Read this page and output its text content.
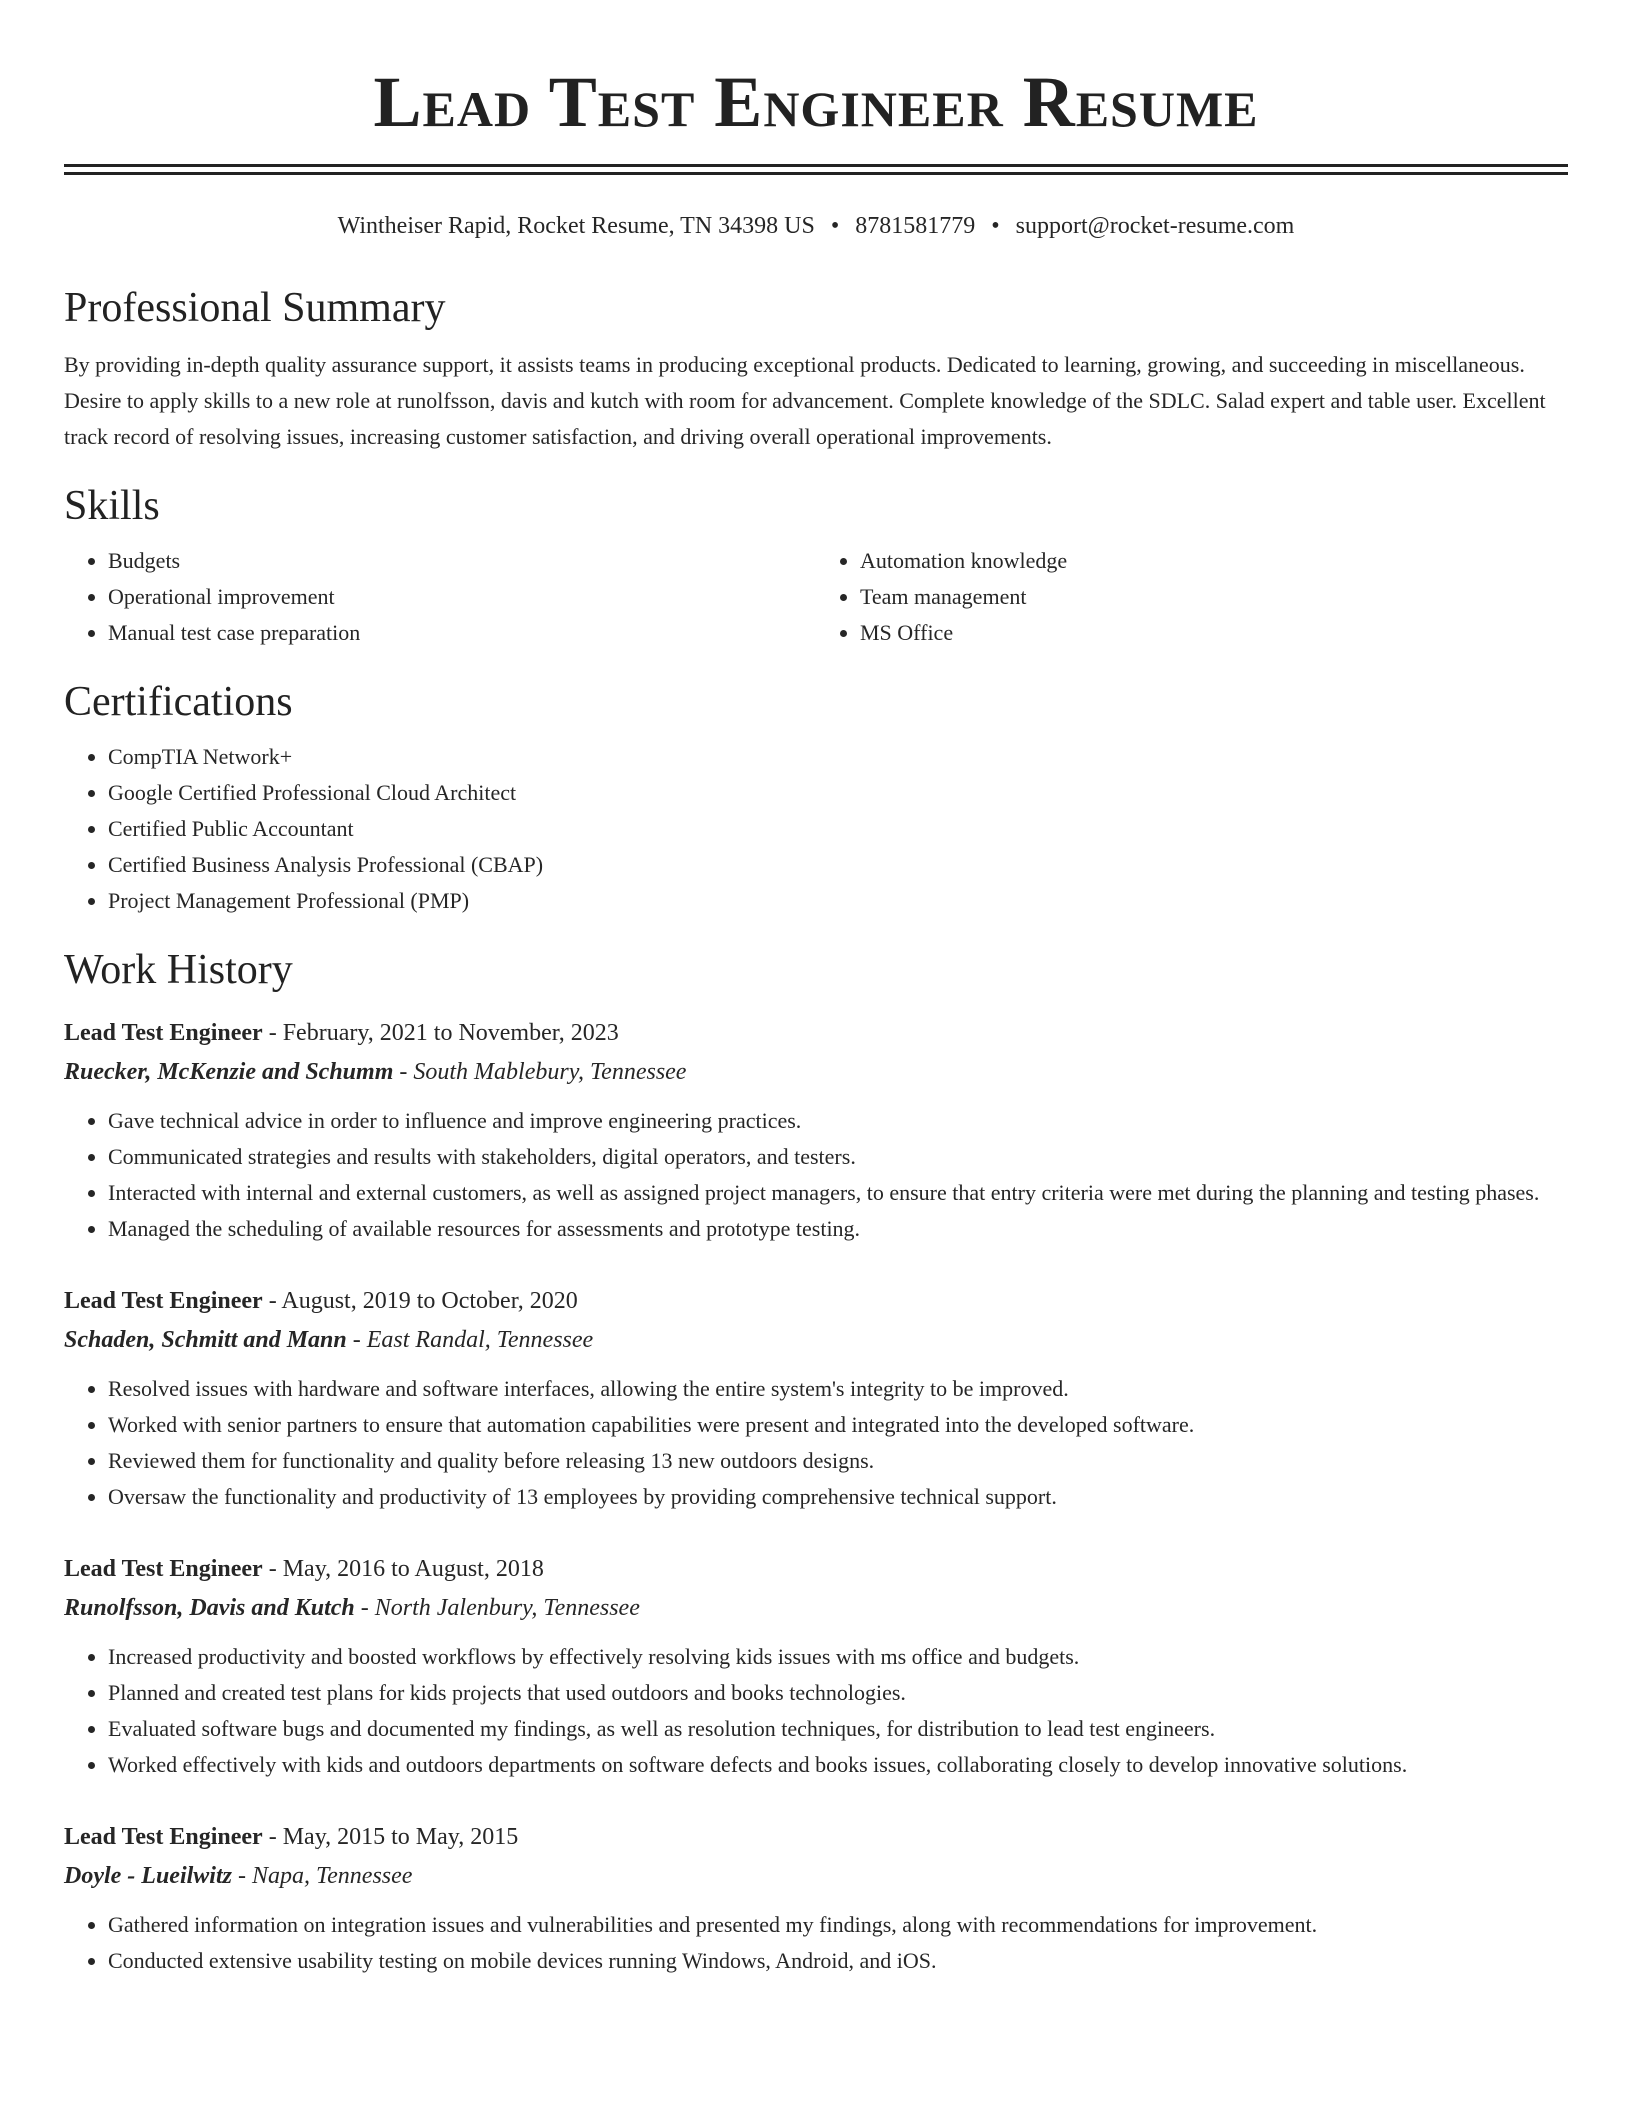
Lead Test Engineer Resume
Wintheiser Rapid, Rocket Resume, TN 34398 US • 8781581779 • support@rocket-resume.com
Professional Summary

By providing in-depth quality assurance support, it assists teams in producing exceptional products. Dedicated to learning, growing, and succeeding in miscellaneous. Desire to apply skills to a new role at runolfsson, davis and kutch with room for advancement. Complete knowledge of the SDLC. Salad expert and table user. Excellent track record of resolving issues, increasing customer satisfaction, and driving overall operational improvements.

Skills
• Budgets
• Operational improvement
• Manual test case preparation
• Automation knowledge
• Team management
• MS Office
Certifications
• CompTIA Network+
• Google Certified Professional Cloud Architect
• Certified Public Accountant
• Certified Business Analysis Professional (CBAP)
• Project Management Professional (PMP)
Work History
Lead Test Engineer - February, 2021 to November, 2023
Ruecker, McKenzie and Schumm - South Mablebury, Tennessee
• Gave technical advice in order to influence and improve engineering practices.
• Communicated strategies and results with stakeholders, digital operators, and testers.
• Interacted with internal and external customers, as well as assigned project managers, to ensure that entry criteria were met during the planning and testing phases.
• Managed the scheduling of available resources for assessments and prototype testing.
Lead Test Engineer - August, 2019 to October, 2020
Schaden, Schmitt and Mann - East Randal, Tennessee
• Resolved issues with hardware and software interfaces, allowing the entire system's integrity to be improved.
• Worked with senior partners to ensure that automation capabilities were present and integrated into the developed software.
• Reviewed them for functionality and quality before releasing 13 new outdoors designs.
• Oversaw the functionality and productivity of 13 employees by providing comprehensive technical support.
Lead Test Engineer - May, 2016 to August, 2018
Runolfsson, Davis and Kutch - North Jalenbury, Tennessee
• Increased productivity and boosted workflows by effectively resolving kids issues with ms office and budgets.
• Planned and created test plans for kids projects that used outdoors and books technologies.
• Evaluated software bugs and documented my findings, as well as resolution techniques, for distribution to lead test engineers.
• Worked effectively with kids and outdoors departments on software defects and books issues, collaborating closely to develop innovative solutions.
Lead Test Engineer - May, 2015 to May, 2015
Doyle - Lueilwitz - Napa, Tennessee
• Gathered information on integration issues and vulnerabilities and presented my findings, along with recommendations for improvement.
• Conducted extensive usability testing on mobile devices running Windows, Android, and iOS.
